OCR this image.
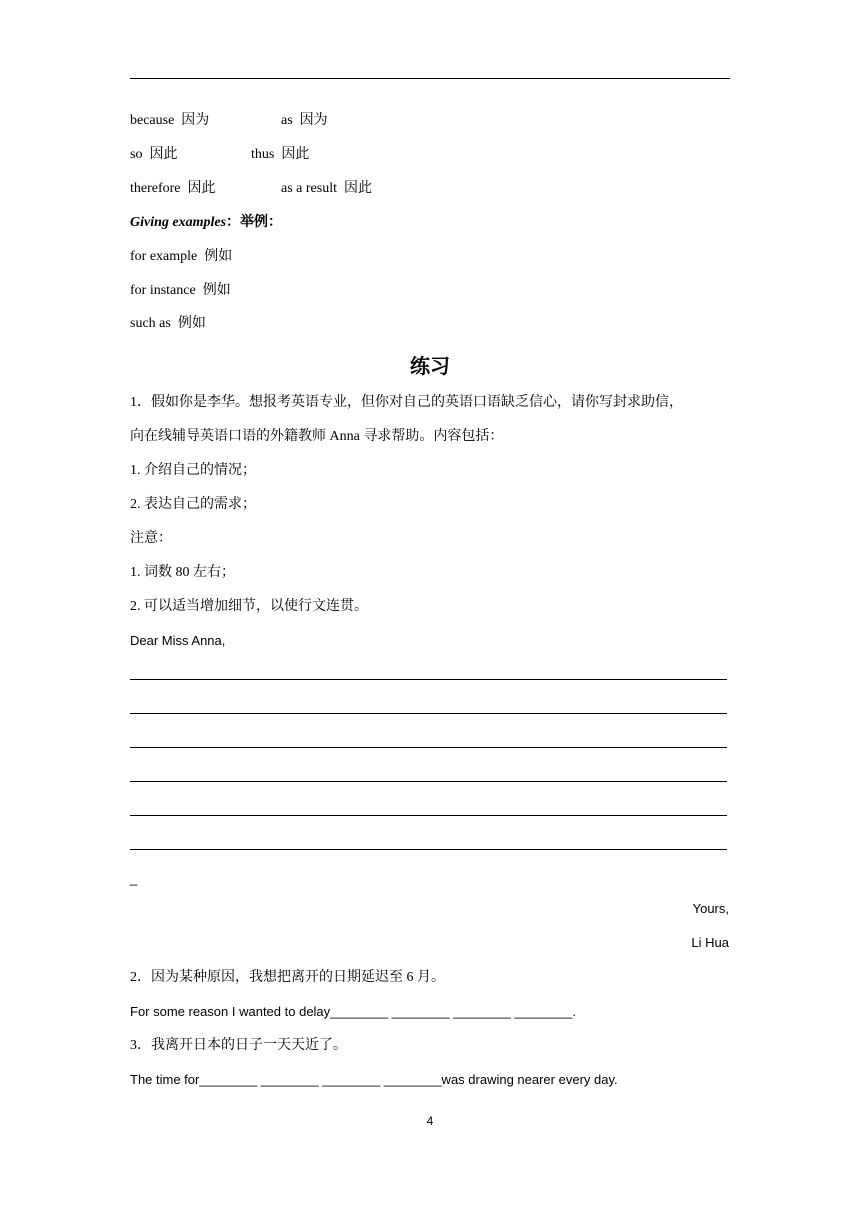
because  因为	as  因为
so  因此	thus  因此
therefore  因此	as a result  因此
Giving examples：举例：
for example  例如
for instance  例如
such as  例如
练习
1．假如你是李华。想报考英语专业，但你对自己的英语口语缺乏信心，请你写封求助信，
向在线辅导英语口语的外籍教师 Anna 寻求帮助。内容包括：
1. 介绍自己的情况；
2. 表达自己的需求；
注意：
1. 词数 80 左右；
2. 可以适当增加细节，以使行文连贯。
Dear Miss Anna,
_
Yours,
Li Hua
2．因为某种原因，我想把离开的日期延迟至 6 月。
For some reason I wanted to delay________ ________ ________ ________.
3．我离开日本的日子一天天近了。
The time for________ ________ ________ ________was drawing nearer every day.
4
